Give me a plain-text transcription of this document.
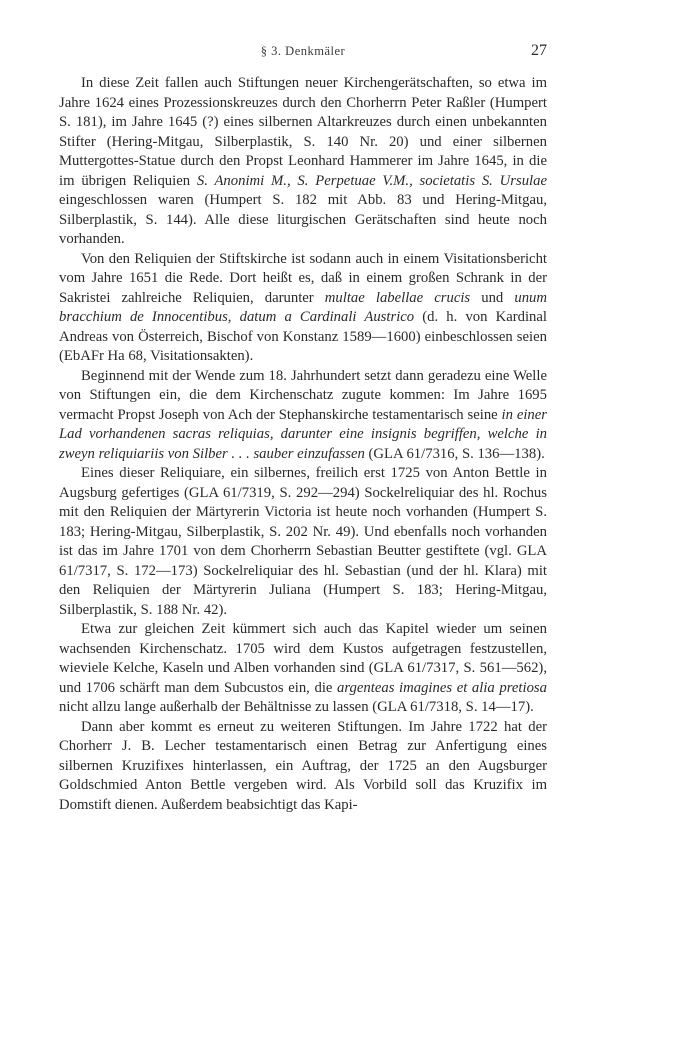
§ 3. Denkmäler	27

In diese Zeit fallen auch Stiftungen neuer Kirchengerätschaften, so etwa im Jahre 1624 eines Prozessionskreuzes durch den Chorherrn Peter Raßler (Humpert S. 181), im Jahre 1645 (?) eines silbernen Altarkreuzes durch einen unbekannten Stifter (Hering-Mitgau, Silberplastik, S. 140 Nr. 20) und einer silbernen Muttergottes-Statue durch den Propst Leonhard Hammerer im Jahre 1645, in die im übrigen Reliquien S. Anonimi M., S. Perpetuae V.M., societatis S. Ursulae eingeschlossen waren (Humpert S. 182 mit Abb. 83 und Hering-Mitgau, Silberplastik, S. 144). Alle diese liturgischen Gerätschaften sind heute noch vorhanden.

Von den Reliquien der Stiftskirche ist sodann auch in einem Visitationsbericht vom Jahre 1651 die Rede. Dort heißt es, daß in einem großen Schrank in der Sakristei zahlreiche Reliquien, darunter multae labellae crucis und unum bracchium de Innocentibus, datum a Cardinali Austrico (d. h. von Kardinal Andreas von Österreich, Bischof von Konstanz 1589—1600) einbeschlossen seien (EbAFr Ha 68, Visitationsakten).

Beginnend mit der Wende zum 18. Jahrhundert setzt dann geradezu eine Welle von Stiftungen ein, die dem Kirchenschatz zugute kommen: Im Jahre 1695 vermacht Propst Joseph von Ach der Stephanskirche testamentarisch seine in einer Lad vorhandenen sacras reliquias, darunter eine insignis begriffen, welche in zweyn reliquiariis von Silber . . . sauber einzufassen (GLA 61/7316, S. 136—138).

Eines dieser Reliquiare, ein silbernes, freilich erst 1725 von Anton Bettle in Augsburg gefertiges (GLA 61/7319, S. 292—294) Sockelreliquiar des hl. Rochus mit den Reliquien der Märtyrerin Victoria ist heute noch vorhanden (Humpert S. 183; Hering-Mitgau, Silberplastik, S. 202 Nr. 49). Und ebenfalls noch vorhanden ist das im Jahre 1701 von dem Chorherrn Sebastian Beutter gestiftete (vgl. GLA 61/7317, S. 172—173) Sockelreliquiar des hl. Sebastian (und der hl. Klara) mit den Reliquien der Märtyrerin Juliana (Humpert S. 183; Hering-Mitgau, Silberplastik, S. 188 Nr. 42).

Etwa zur gleichen Zeit kümmert sich auch das Kapitel wieder um seinen wachsenden Kirchenschatz. 1705 wird dem Kustos aufgetragen festzustellen, wieviele Kelche, Kaseln und Alben vorhanden sind (GLA 61/7317, S. 561—562), und 1706 schärft man dem Subcustos ein, die argenteas imagines et alia pretiosa nicht allzu lange außerhalb der Behältnisse zu lassen (GLA 61/7318, S. 14—17).

Dann aber kommt es erneut zu weiteren Stiftungen. Im Jahre 1722 hat der Chorherr J. B. Lecher testamentarisch einen Betrag zur Anfertigung eines silbernen Kruzifixes hinterlassen, ein Auftrag, der 1725 an den Augsburger Goldschmied Anton Bettle vergeben wird. Als Vorbild soll das Kruzifix im Domstift dienen. Außerdem beabsichtigt das Kapi-
